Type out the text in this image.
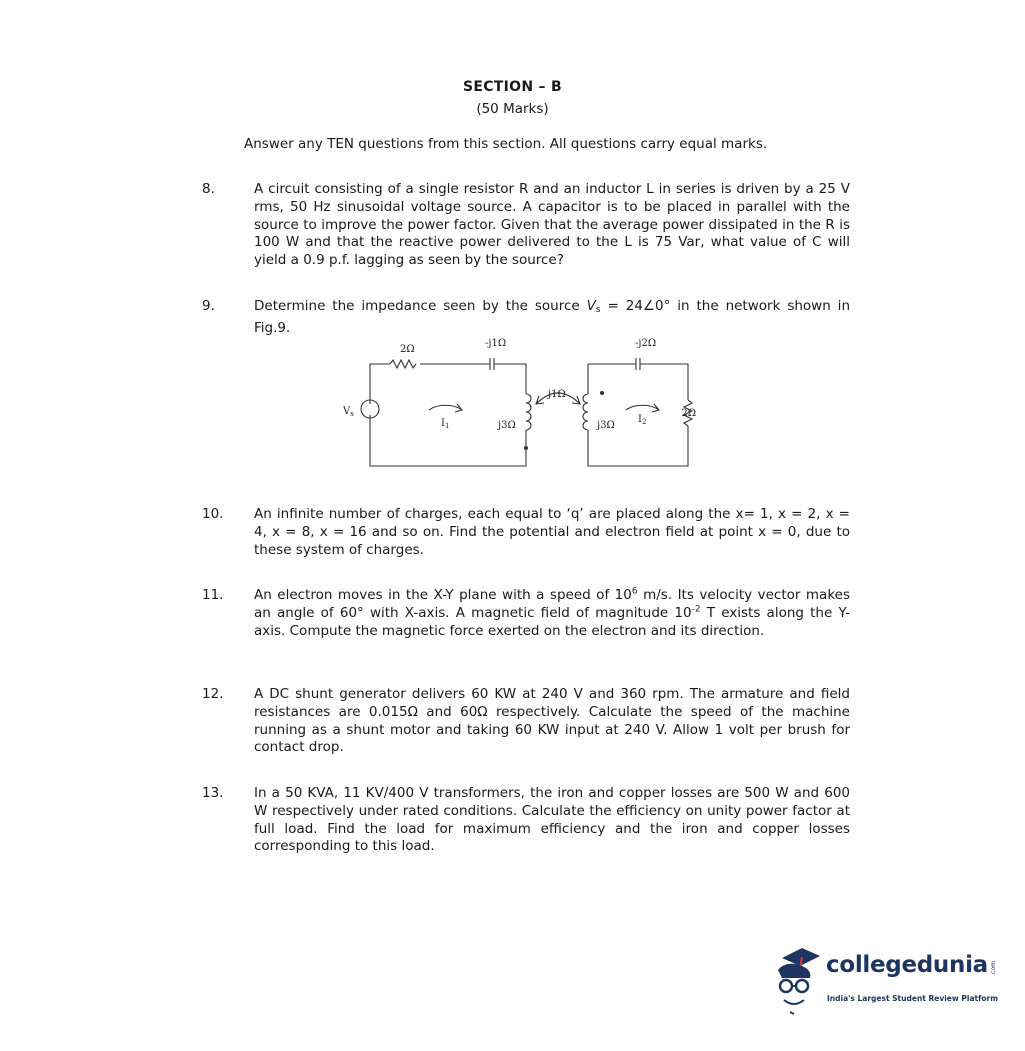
SECTION – B
(50 Marks)
Answer any TEN questions from this section. All questions carry equal marks.
8.	A circuit consisting of a single resistor R and an inductor L in series is driven by a 25 V rms, 50 Hz sinusoidal voltage source. A capacitor is to be placed in parallel with the source to improve the power factor. Given that the average power dissipated in the R is 100 W and that the reactive power delivered to the L is 75 Var, what value of C will yield a 0.9 p.f. lagging as seen by the source?
9.	Determine the impedance seen by the source $V_s$ = 24∠0° in the network shown in Fig.9.
2Ω
-j1Ω	-j2Ω
j1Ω
j3Ω	j3Ω
2Ω
$V_s$
$I_1$
$I_2$
10. An infinite number of charges, each equal to ‘q’ are placed along the x= 1, x = 2, x = 4, x = 8, x = 16 and so on. Find the potential and electron field at point x = 0, due to these system of charges.
11. An electron moves in the X-Y plane with a speed of $10^6$ m/s. Its velocity vector makes an angle of 60° with X-axis. A magnetic field of magnitude $10^{-2}$ T exists along the Y-axis. Compute the magnetic force exerted on the electron and its direction.
12. A DC shunt generator delivers 60 KW at 240 V and 360 rpm. The armature and field resistances are 0.015Ω and 60Ω respectively. Calculate the speed of the machine running as a shunt motor and taking 60 KW input at 240 V. Allow 1 volt per brush for contact drop.
13. In a 50 KVA, 11 KV/400 V transformers, the iron and copper losses are 500 W and 600 W respectively under rated conditions. Calculate the efficiency on unity power factor at full load. Find the load for maximum efficiency and the iron and copper losses corresponding to this load.
collegedunia .com
India's Largest Student Review Platform
